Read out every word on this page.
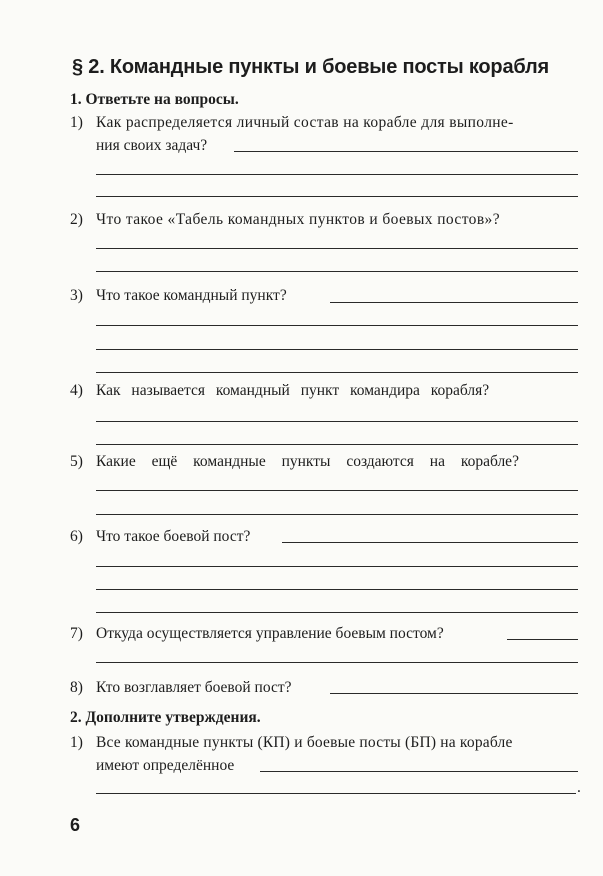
§ 2. Командные пункты и боевые посты корабля
1. Ответьте на вопросы.
1) Как распределяется личный состав на корабле для выполне-
ния своих задач?
2) Что такое «Табель командных пунктов и боевых постов»?
3) Что такое командный пункт?
4) Как называется командный пункт командира корабля?
5) Какие ещё командные пункты создаются на корабле?
6) Что такое боевой пост?
7) Откуда осуществляется управление боевым постом?
8) Кто возглавляет боевой пост?
2. Дополните утверждения.
1) Все командные пункты (КП) и боевые посты (БП) на корабле
имеют определённое
.
6
